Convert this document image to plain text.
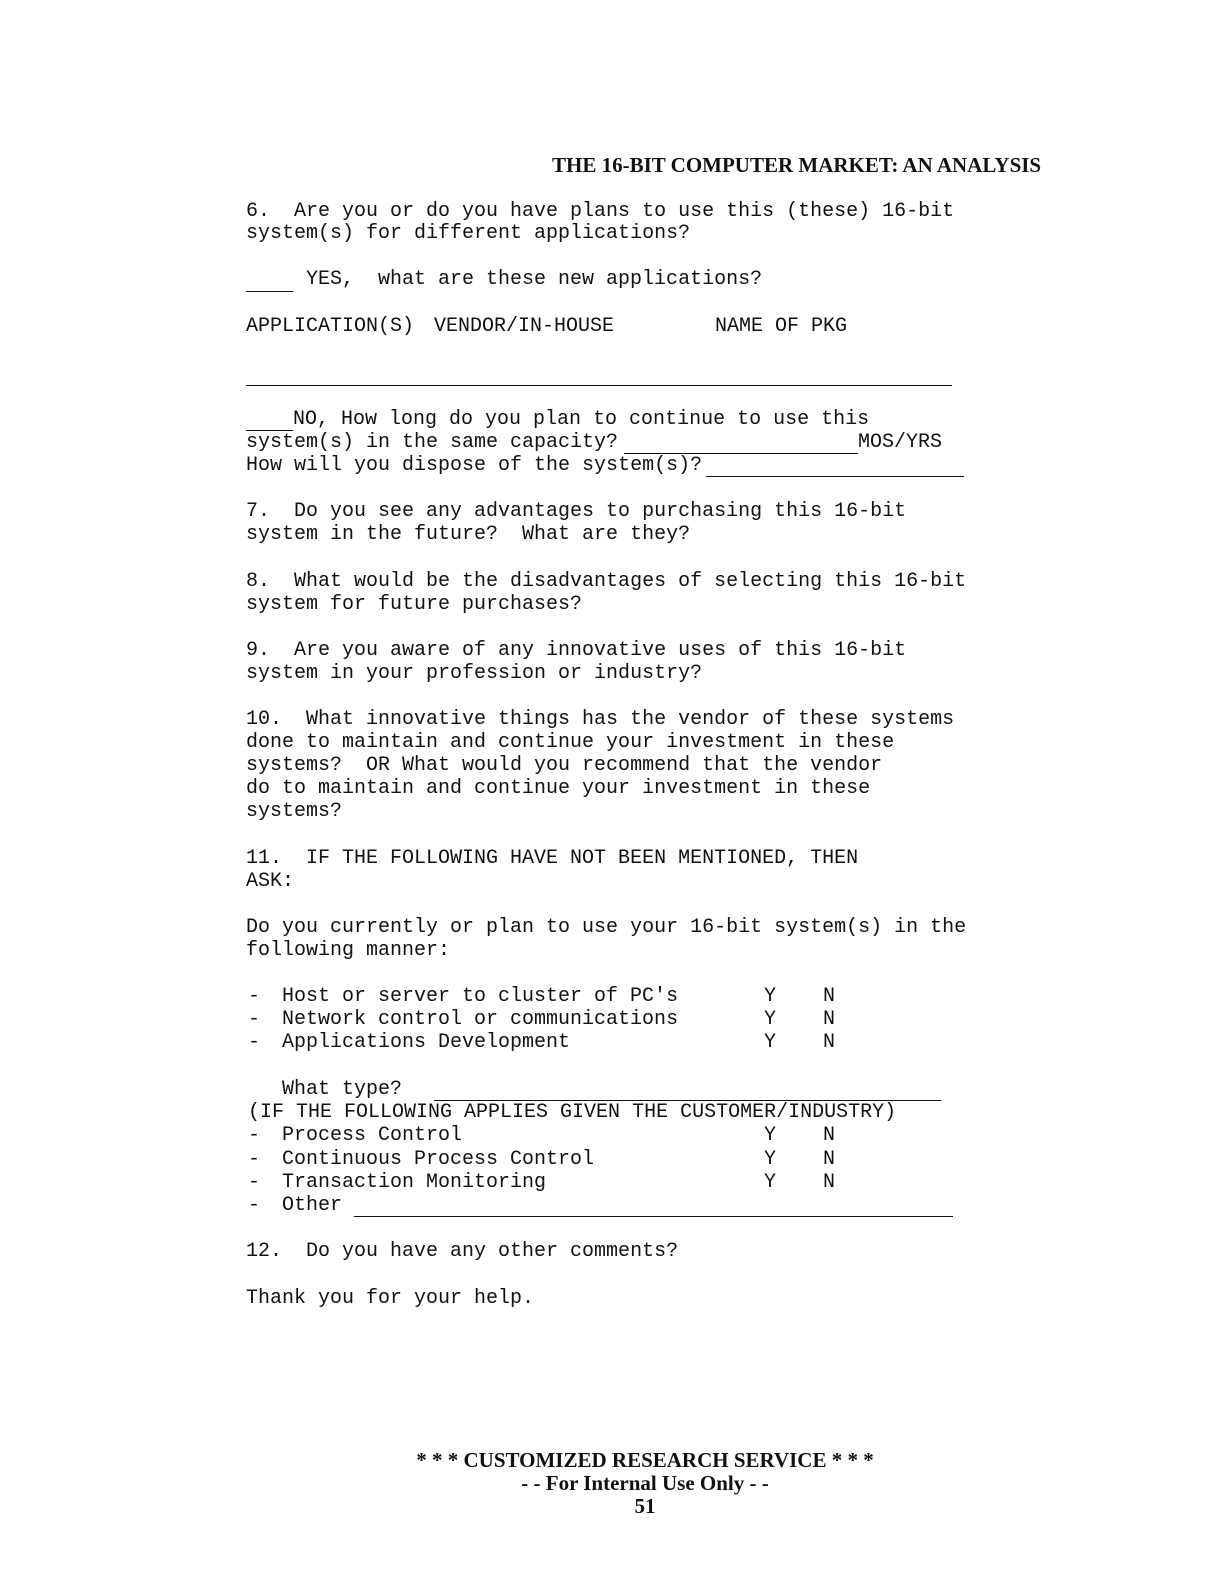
THE 16-BIT COMPUTER MARKET: AN ANALYSIS
6.  Are you or do you have plans to use this (these) 16-bit
system(s) for different applications?
YES,  what are these new applications?
APPLICATION(S) VENDOR/IN-HOUSE	NAME OF PKG
NO, How long do you plan to continue to use this
system(s) in the same capacity?	MOS/YRS
How will you dispose of the system(s)?
7.  Do you see any advantages to purchasing this 16-bit
system in the future?  What are they?
8.  What would be the disadvantages of selecting this 16-bit
system for future purchases?
9.  Are you aware of any innovative uses of this 16-bit
system in your profession or industry?
10.  What innovative things has the vendor of these systems
done to maintain and continue your investment in these
systems?  OR What would you recommend that the vendor
do to maintain and continue your investment in these
systems?
11.  IF THE FOLLOWING HAVE NOT BEEN MENTIONED, THEN
ASK:
Do you currently or plan to use your 16-bit system(s) in the
following manner:
- Host or server to cluster of PC's	Y N
- Network control or communications	Y N
- Applications Development	Y N
What type?
(IF THE FOLLOWING APPLIES GIVEN THE CUSTOMER/INDUSTRY)
- Process Control	Y N
- Continuous Process Control	Y N
- Transaction Monitoring	Y N
- Other
12.  Do you have any other comments?
Thank you for your help.
* * * CUSTOMIZED RESEARCH SERVICE * * *
- - For Internal Use Only - -
51
